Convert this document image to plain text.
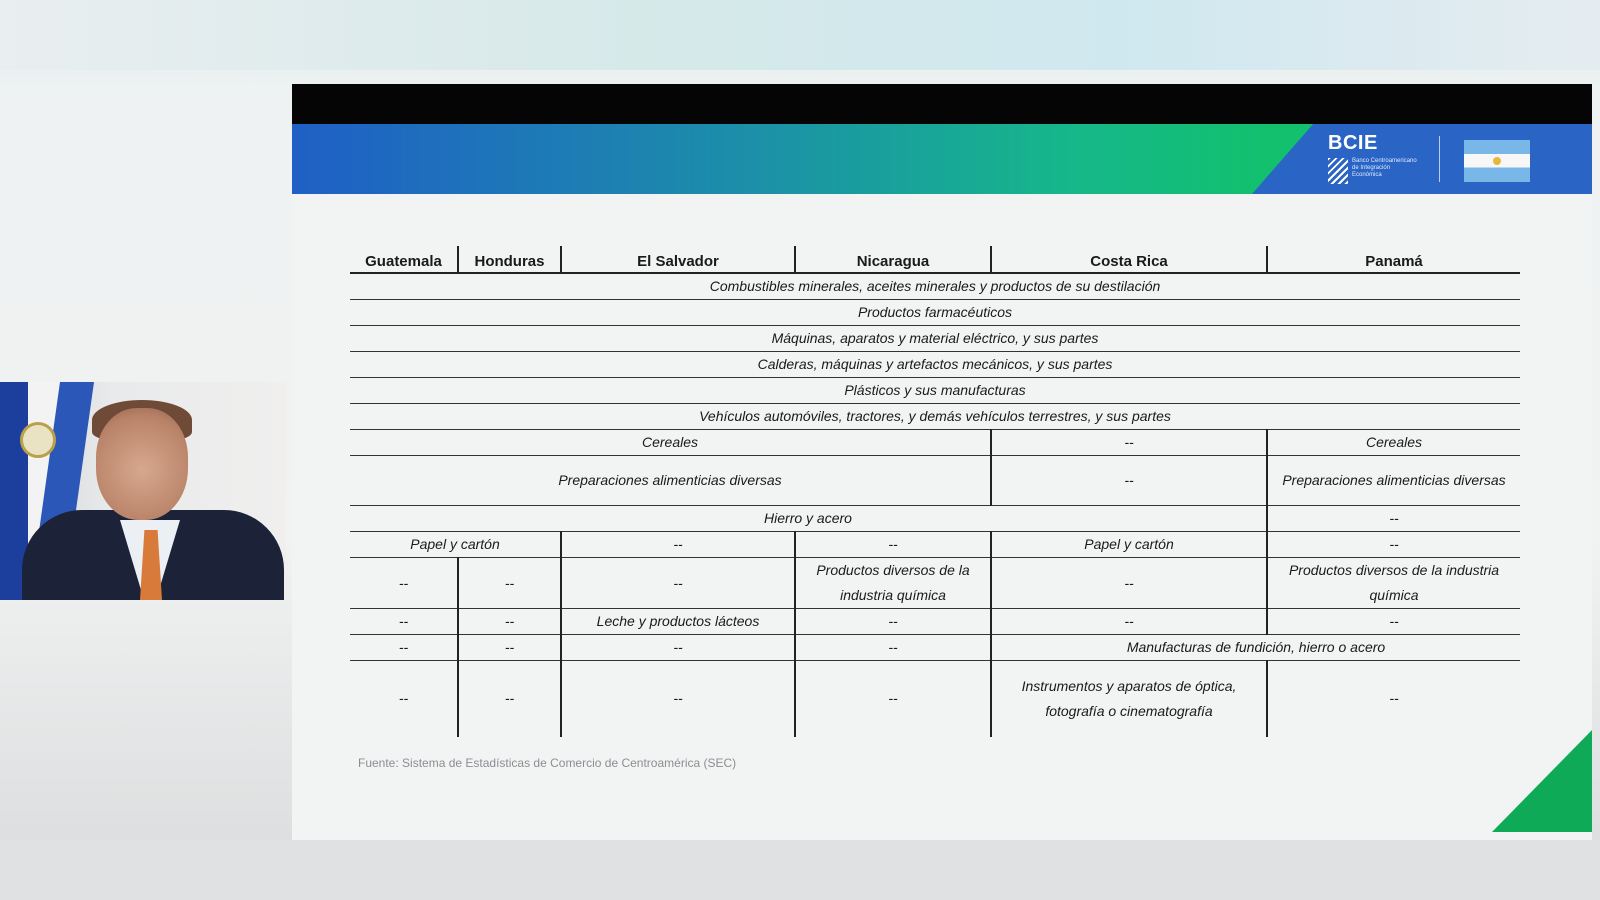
BCIE
Banco Centroamericano de Integración Económica
Guatemala	Honduras	El Salvador	Nicaragua	Costa Rica	Panamá
Combustibles minerales, aceites minerales y productos de su destilación					
Productos farmacéuticos					
Máquinas, aparatos y material eléctrico, y sus partes					
Calderas, máquinas y artefactos mecánicos, y sus partes					
Plásticos y sus manufacturas					
Vehículos automóviles, tractores, y demás vehículos terrestres, y sus partes					
Cereales				--	Cereales
Preparaciones alimenticias diversas				--	Preparaciones alimenticias diversas
Hierro y acero					--
Papel y cartón		--	--	Papel y cartón	--
--	--	--	Productos diversos de la industria química	--	Productos diversos de la industria química
--	--	Leche y productos lácteos	--	--	--
--	--	--	--	Manufacturas de fundición, hierro o acero	
--	--	--	--	Instrumentos y aparatos de óptica, fotografía o cinematografía	--
Fuente: Sistema de Estadísticas de Comercio de Centroamérica (SEC)
